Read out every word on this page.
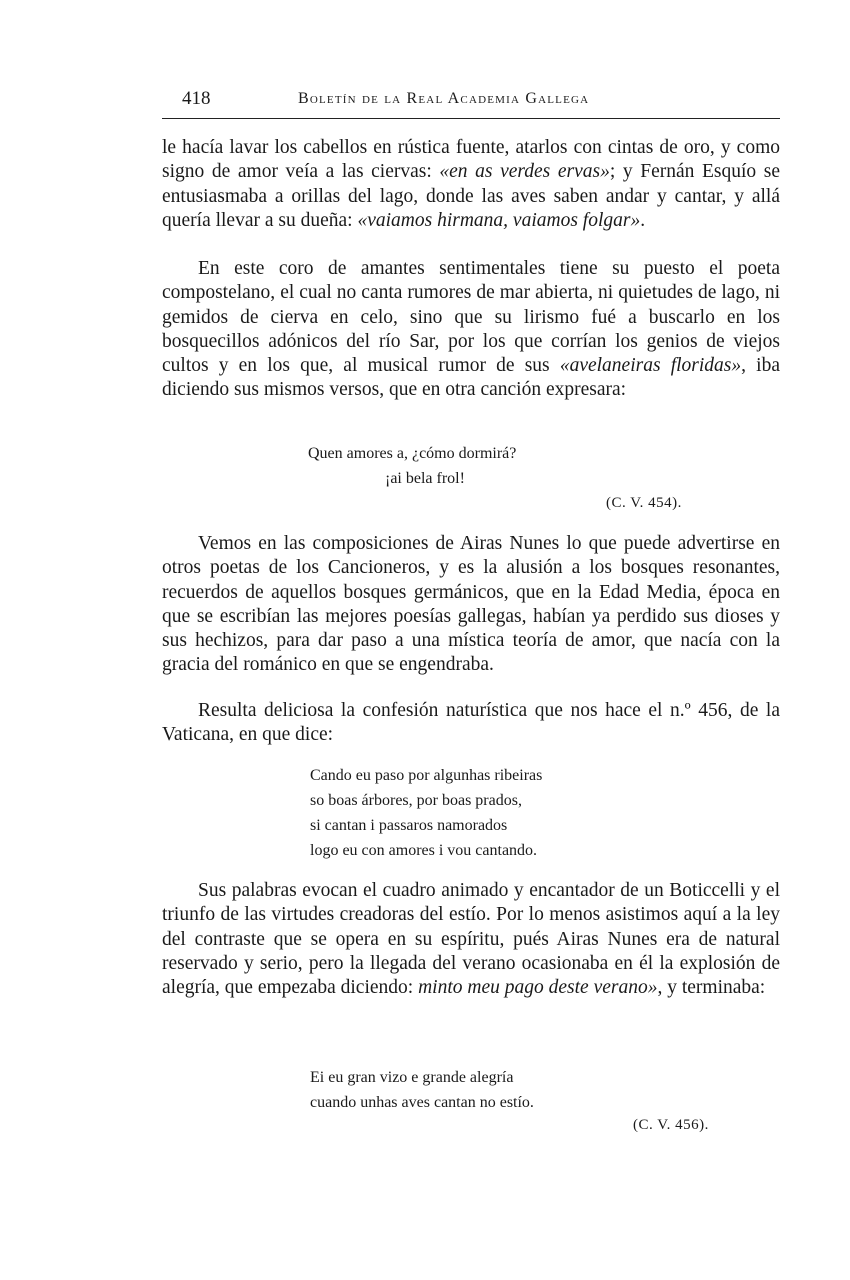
418	Boletín de la Real Academia Gallega

le hacía lavar los cabellos en rústica fuente, atarlos con cintas de oro, y como signo de amor veía a las ciervas: «en as verdes ervas»; y Fernán Esquío se entusiasmaba a orillas del lago, donde las aves saben andar y cantar, y allá quería llevar a su dueña: «vaiamos hirmana, vaiamos folgar».

En este coro de amantes sentimentales tiene su puesto el poeta compostelano, el cual no canta rumores de mar abierta, ni quietudes de lago, ni gemidos de cierva en celo, sino que su lirismo fué a buscarlo en los bosquecillos adónicos del río Sar, por los que corrían los genios de viejos cultos y en los que, al musical rumor de sus «avelaneiras floridas», iba diciendo sus mismos versos, que en otra canción expresara:

Quen amores a, ¿cómo dormirá?
¡ai bela frol!
(C. V. 454).

Vemos en las composiciones de Airas Nunes lo que puede advertirse en otros poetas de los Cancioneros, y es la alusión a los bosques resonantes, recuerdos de aquellos bosques germánicos, que en la Edad Media, época en que se escribían las mejores poesías gallegas, habían ya perdido sus dioses y sus hechizos, para dar paso a una mística teoría de amor, que nacía con la gracia del románico en que se engendraba.

Resulta deliciosa la confesión naturística que nos hace el n.º 456, de la Vaticana, en que dice:

Cando eu paso por algunhas ribeiras
so boas árbores, por boas prados,
si cantan i passaros namorados
logo eu con amores i vou cantando.

Sus palabras evocan el cuadro animado y encantador de un Boticcelli y el triunfo de las virtudes creadoras del estío. Por lo menos asistimos aquí a la ley del contraste que se opera en su espíritu, pués Airas Nunes era de natural reservado y serio, pero la llegada del verano ocasionaba en él la explosión de alegría, que empezaba diciendo: minto meu pago deste verano», y terminaba:

Ei eu gran vizo e grande alegría
cuando unhas aves cantan no estío.
(C. V. 456).
